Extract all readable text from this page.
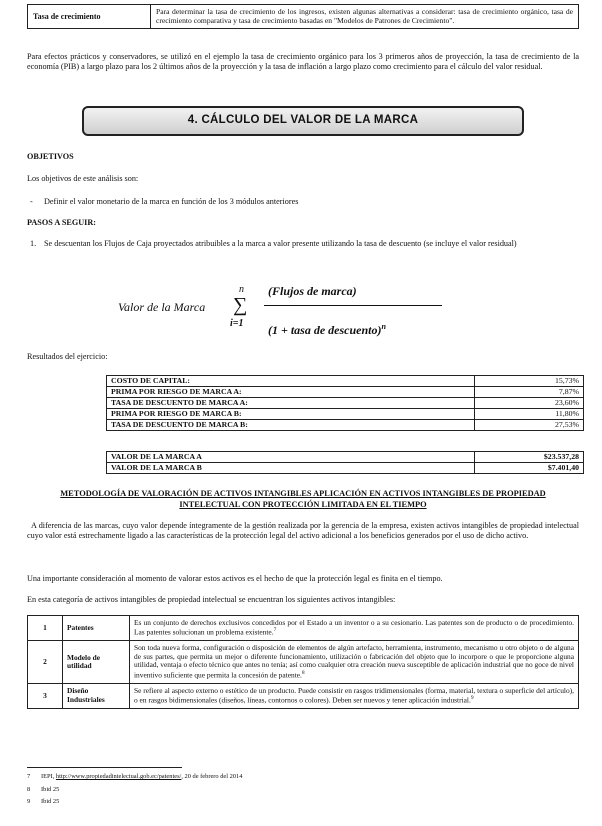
Tasa de crecimiento	Para determinar la tasa de crecimiento de los ingresos, existen algunas alternativas a considerar: tasa de crecimiento orgánico, tasa de crecimiento comparativa y tasa de crecimiento basadas en "Modelos de Patrones de Crecimiento".

Para efectos prácticos y conservadores, se utilizó en el ejemplo la tasa de crecimiento orgánico para los 3 primeros años de proyección, la tasa de crecimiento de la economía (PIB) a largo plazo para los 2 últimos años de la proyección y la tasa de inflación a largo plazo como crecimiento para el cálculo del valor residual.

4. CÁLCULO DEL VALOR DE LA MARCA
OBJETIVOS
Los objetivos de este análisis son:
- Definir el valor monetario de la marca en función de los 3 módulos anteriores
PASOS A SEGUIR:
1. Se descuentan los Flujos de Caja proyectados atribuibles a la marca a valor presente utilizando la tasa de descuento (se incluye el valor residual)
Valor de la Marca
n
∑
i=1
(Flujos de marca)
(1 + tasa de descuento)$^n$
Resultados del ejercicio:
COSTO DE CAPITAL:	15,73%
PRIMA POR RIESGO DE MARCA A:	7,87%
TASA DE DESCUENTO DE MARCA A:	23,60%
PRIMA POR RIESGO DE MARCA B:	11,80%
TASA DE DESCUENTO DE MARCA B:	27,53%
VALOR DE LA MARCA A	$23.537,28
VALOR DE LA MARCA B	$7.401,40
METODOLOGÍA DE VALORACIÓN DE ACTIVOS INTANGIBLES APLICACIÓN EN ACTIVOS INTANGIBLES DE PROPIEDAD INTELECTUAL CON PROTECCIÓN LIMITADA EN EL TIEMPO

A diferencia de las marcas, cuyo valor depende íntegramente de la gestión realizada por la gerencia de la empresa, existen activos intangibles de propiedad intelectual cuyo valor está estrechamente ligado a las características de la protección legal del activo adicional a los beneficios generados por el uso de dicho activo.

Una importante consideración al momento de valorar estos activos es el hecho de que la protección legal es finita en el tiempo.

En esta categoría de activos intangibles de propiedad intelectual se encuentran los siguientes activos intangibles:

1	Patentes	Es un conjunto de derechos exclusivos concedidos por el Estado a un inventor o a su cesionario. Las patentes son de producto o de procedimiento. Las patentes solucionan un problema existente.$^7$
2	Modelo de utilidad	Son toda nueva forma, configuración o disposición de elementos de algún artefacto, herramienta, instrumento, mecanismo u otro objeto o de alguna de sus partes, que permita un mejor o diferente funcionamiento, utilización o fabricación del objeto que lo incorpore o que le proporcione alguna utilidad, ventaja o efecto técnico que antes no tenía; así como cualquier otra creación nueva susceptible de aplicación industrial que no goce de nivel inventivo suficiente que permita la concesión de patente.$^8$
3	Diseño Industriales	Se refiere al aspecto externo o estético de un producto. Puede consistir en rasgos tridimensionales (forma, material, textura o superficie del artículo), o en rasgos bidimensionales (diseños, líneas, contornos o colores). Deben ser nuevos y tener aplicación industrial.$^9$
7 IEPI, http://www.propiedadintelectual.gob.ec/patentes/, 20 de febrero del 2014
8 Ibid 25
9 Ibid 25
